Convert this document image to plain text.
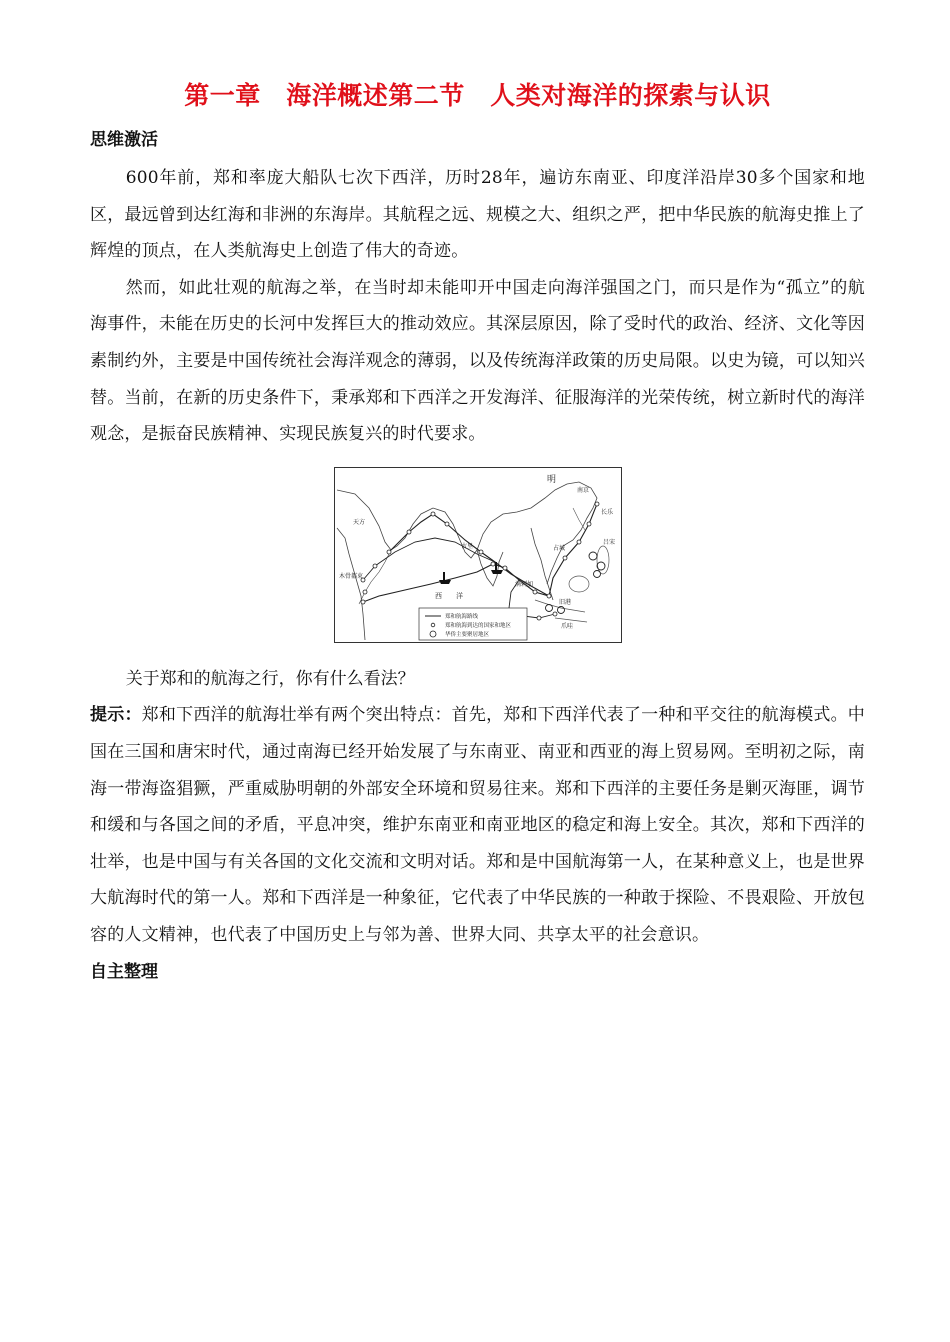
第一章　海洋概述第二节　人类对海洋的探索与认识

思维激活

600年前，郑和率庞大船队七次下西洋，历时28年，遍访东南亚、印度洋沿岸30多个国家和地区，最远曾到达红海和非洲的东海岸。其航程之远、规模之大、组织之严，把中华民族的航海史推上了辉煌的顶点，在人类航海史上创造了伟大的奇迹。

然而，如此壮观的航海之举，在当时却未能叩开中国走向海洋强国之门，而只是作为“孤立”的航海事件，未能在历史的长河中发挥巨大的推动效应。其深层原因，除了受时代的政治、经济、文化等因素制约外，主要是中国传统社会海洋观念的薄弱，以及传统海洋政策的历史局限。以史为镜，可以知兴替。当前，在新的历史条件下，秉承郑和下西洋之开发海洋、征服海洋的光荣传统，树立新时代的海洋观念，是振奋民族精神、实现民族复兴的时代要求。

明
天方
木骨都束
古里
西　　洋
南京
长乐
占城
吕宋
满剌加
旧港
爪哇
郑和航海路线
郑和航海到达的国家和地区
华侨主要聚居地区

关于郑和的航海之行，你有什么看法？

提示：郑和下西洋的航海壮举有两个突出特点：首先，郑和下西洋代表了一种和平交往的航海模式。中国在三国和唐宋时代，通过南海已经开始发展了与东南亚、南亚和西亚的海上贸易网。至明初之际，南海一带海盗猖獗，严重威胁明朝的外部安全环境和贸易往来。郑和下西洋的主要任务是剿灭海匪，调节和缓和与各国之间的矛盾，平息冲突，维护东南亚和南亚地区的稳定和海上安全。其次，郑和下西洋的壮举，也是中国与有关各国的文化交流和文明对话。郑和是中国航海第一人，在某种意义上，也是世界大航海时代的第一人。郑和下西洋是一种象征，它代表了中华民族的一种敢于探险、不畏艰险、开放包容的人文精神，也代表了中国历史上与邻为善、世界大同、共享太平的社会意识。

自主整理
